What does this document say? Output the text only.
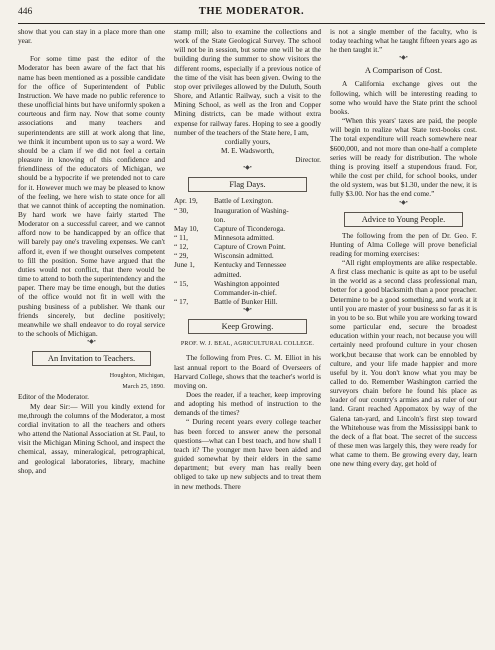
446	THE MODERATOR.

show that you can stay in a place more than one year.

For some time past the editor of the Moderator has been aware of the fact that his name has been mentioned as a possible candidate for the office of Superintendent of Public Instruction. We have made no public reference to these unofficial hints but have uniformly spoken a courteous and firm nay. Now that some county associations and many teachers and superintendents are still at work along that line, we think it incumbent upon us to say a word. We should be a clam if we did not feel a certain pleasure in knowing of this confidence and friendliness of the educators of Michigan, we should be a hypocrite if we pretended not to care for it. However much we may be pleased to know of the feeling, we here wish to state once for all that we cannot think of accepting the nomination. By hard work we have fairly started The Moderator on a successful career, and we cannot afford now to be handicapped by an office that will barely pay one's traveling expenses. We can't afford it, even if we thought ourselves competent to fill the position. Some have argued that the duties would not conflict, that there would be time to attend to both the superintendency and the paper. There may be time enough, but the duties of the office would not fit in well with the pushing business of a publisher. We thank our friends sincerely, but decline positively; meanwhile we shall endeavor to do royal service to the schools of Michigan.

•◆•
An Invitation to Teachers.

Houghton, Michigan,

March 25, 1890.

Editor of the Moderator.

My dear Sir:— Will you kindly extend for me,through the columns of the Moderator, a most cordial invitation to all the teachers and others who attend the National Association at St. Paul, to visit the Michigan Mining School, and inspect the chemical, assay, mineralogical, petrographical, and geological laboratories, library, machine shop, and

stamp mill; also to examine the collections and work of the State Geological Survey. The school will not be in session, but some one will be at the building during the summer to show visitors the different rooms, especially if a previous notice of the time of the visit has been given. Owing to the stop over privileges allowed by the Duluth, South Shore, and Atlantic Railway, such a visit to the Mining School, as well as the Iron and Copper Mining districts, can be made without extra expense for railway fares. Hoping to see a goodly number of the teachers of the State here, I am,

cordially yours,

M. E. Wadsworth,

Director.

•◆•
Flag Days.
Apr. 19,	Battle of Lexington.
“ 30,	Inauguration of Washing-
ton.
May 10,	Capture of Ticonderoga.
“ 11,	Minnesota admitted.
“ 12,	Capture of Crown Point.
“ 29,	Wisconsin admitted.
June 1,	Kentucky and Tennessee
admitted.
“ 15,	Washington appointed
Commander-in-chief.
“ 17,	Battle of Bunker Hill.
•◆•
Keep Growing.

PROF. W. J. BEAL, AGRICULTURAL COLLEGE.

The following from Pres. C. M. Elliot in his last annual report to the Board of Overseers of Harvard College, shows that the teacher's world is moving on.

Does the reader, if a teacher, keep improving and adopting his method of instruction to the demands of the times?

“ During recent years every college teacher has been forced to answer anew the personal questions—what can I best teach, and how shall I teach it? The younger men have been aided and guided somewhat by their elders in the same department; but every man has really been obliged to take up new subjects and to treat them in new methods. There

is not a single member of the faculty, who is today teaching what he taught fifteen years ago as he then taught it.”

•◆•
A Comparison of Cost.

A California exchange gives out the following, which will be interesting reading to some who would have the State print the school books.

“When this years' taxes are paid, the people will begin to realize what State text-books cost. The total expenditure will reach somewhere near $600,000, and not more than one-half a complete series will be ready for distribution. The whole thing is proving itself a stupendous fraud. For, while the cost per child, for school books, under the old system, was but $1.30, under the new, it is fully $3.00. Nor has the end come.”

•◆•
Advice to Young People.

The following from the pen of Dr. Geo. F. Hunting of Alma College will prove beneficial reading for morning exercises:

“All right employments are alike respectable. A first class mechanic is quite as apt to be useful in the world as a second class professional man, better for a good blacksmith than a poor preacher. Determine to be a good something, and work at it until you are master of your business so far as it is in you to be so. But while you are working toward some particular end, secure the broadest education within your reach, not because you will certainly need profound culture in your chosen work,but because that work can be ennobled by culture, and your life made happier and more useful by it. You don't know what you may be called to do. Remember Washington carried the surveyors chain before he found his place as leader of our country's armies and as ruler of our land. Grant reached Appomatox by way of the Galena tan-yard, and Lincoln's first step toward the Whitehouse was from the Mississippi bank to the deck of a flat boat. The secret of the success of these men was largely this, they were ready for what came to them. Be growing every day, learn one new thing every day, get hold of
